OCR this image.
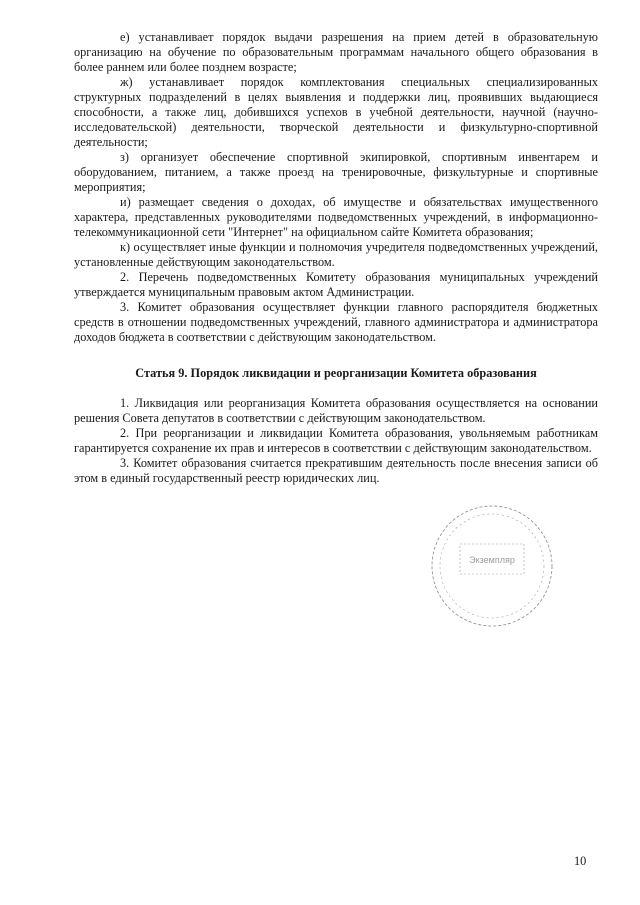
е) устанавливает порядок выдачи разрешения на прием детей в образовательную организацию на обучение по образовательным программам начального общего образования в более раннем или более позднем возрасте;

ж) устанавливает порядок комплектования специальных специализированных структурных подразделений в целях выявления и поддержки лиц, проявивших выдающиеся способности, а также лиц, добившихся успехов в учебной деятельности, научной (научно-исследовательской) деятельности, творческой деятельности и физкультурно-спортивной деятельности;

з) организует обеспечение спортивной экипировкой, спортивным инвентарем и оборудованием, питанием, а также проезд на тренировочные, физкультурные и спортивные мероприятия;

и) размещает сведения о доходах, об имуществе и обязательствах имущественного характера, представленных руководителями подведомственных учреждений, в информационно-телекоммуникационной сети "Интернет" на официальном сайте Комитета образования;

к) осуществляет иные функции и полномочия учредителя подведомственных учреждений, установленные действующим законодательством.

2. Перечень подведомственных Комитету образования муниципальных учреждений утверждается муниципальным правовым актом Администрации.

3. Комитет образования осуществляет функции главного распорядителя бюджетных средств в отношении подведомственных учреждений, главного администратора и администратора доходов бюджета в соответствии с действующим законодательством.

Статья 9. Порядок ликвидации и реорганизации Комитета образования

1. Ликвидация или реорганизация Комитета образования осуществляется на основании решения Совета депутатов в соответствии с действующим законодательством.

2. При реорганизации и ликвидации Комитета образования, увольняемым работникам гарантируется сохранение их прав и интересов в соответствии с действующим законодательством.

3. Комитет образования считается прекратившим деятельность после внесения записи об этом в единый государственный реестр юридических лиц.

Экземпляр
10
